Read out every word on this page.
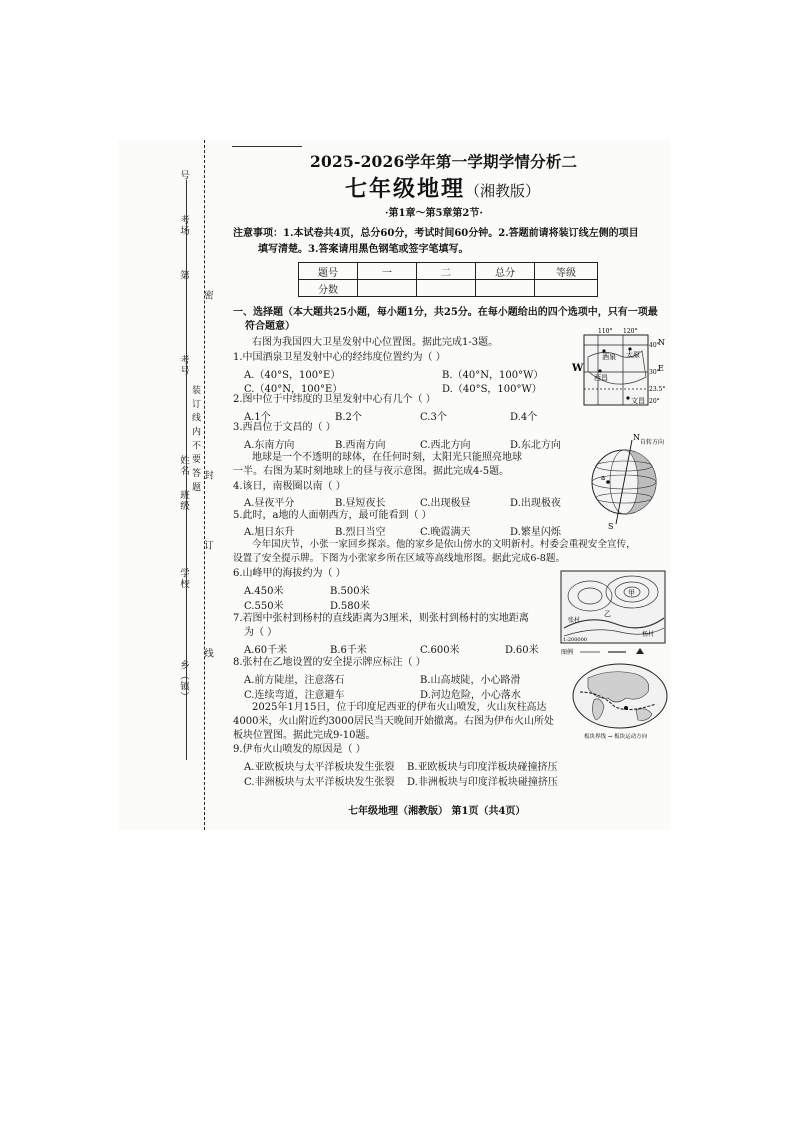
号
考场
第
考号
姓名
班级
学校
乡（镇）
装 订 线 内 不 要 答 题
密
封
线
订
2025-2026学年第一学期学情分析二
七年级地理（湘教版）
·第1章～第5章第2节·
注意事项：1.本试卷共4页，总分60分，考试时间60分钟。2.答题前请将装订线左侧的项目
填写清楚。3.答案请用黑色钢笔或签字笔填写。
题号	一	二	总分	等级
分数				
一、选择题（本大题共25小题，每小题1分，共25分。在每小题给出的四个选项中，只有一项最
符合题意）
右图为我国四大卫星发射中心位置图。据此完成1-3题。
1.中国酒泉卫星发射中心的经纬度位置约为（ ）
A.（40°S，100°E）	B.（40°N，100°W）
C.（40°N，100°E）	D.（40°S，100°W）
2.图中位于中纬度的卫星发射中心有几个（ ）
A.1个	B.2个	C.3个	D.4个
3.西昌位于文昌的（ ）
A.东南方向	B.西南方向	C.西北方向	D.东北方向
地球是一个不透明的球体，在任何时刻，太阳光只能照亮地球
一半。右图为某时刻地球上的昼与夜示意图。据此完成4-5题。
4.该日，南极圈以南（ ）
A.昼夜平分	B.昼短夜长	C.出现极昼	D.出现极夜
5.此时，a地的人面朝西方，最可能看到（ ）
A.旭日东升	B.烈日当空	C.晚霞满天	D.繁星闪烁
今年国庆节，小张一家回乡探亲。他的家乡是依山傍水的文明新村。村委会重视安全宣传，
设置了安全提示牌。下图为小张家乡所在区域等高线地形图。据此完成6-8题。
6.山峰甲的海拔约为（ ）
A.450米	B.500米
C.550米	D.580米
7.若图中张村到杨村的直线距离为3厘米，则张村到杨村的实地距离
为（ ）
A.60千米	B.6千米	C.600米	D.60米
8.张村在乙地设置的安全提示牌应标注（ ）
A.前方陡崖，注意落石	B.山高坡陡，小心路滑
C.连续弯道，注意避车	D.河边危险，小心落水
2025年1月15日，位于印度尼西亚的伊布火山喷发，火山灰柱高达
4000米，火山附近约3000居民当天晚间开始撤离。右图为伊布火山所处
板块位置图。据此完成9-10题。
9.伊布火山喷发的原因是（ ）
A.亚欧板块与太平洋板块发生张裂 B.亚欧板块与印度洋板块碰撞挤压
C.非洲板块与太平洋板块发生张裂 D.非洲板块与印度洋板块碰撞挤压
110° 120°
40°
30°
23.5°
20°
酒泉 太原
西昌
文昌
W
N
E
N
S
a
自转方向
甲
乙
张村
杨村
1:200000
图例
板块界线 → 板块运动方向
七年级地理（湘教版） 第1页（共4页）
